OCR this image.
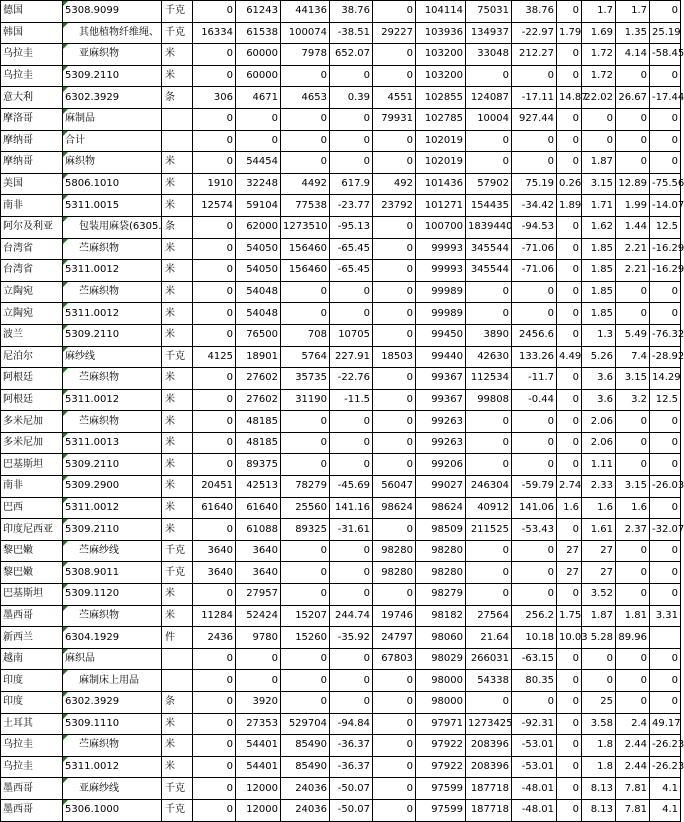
德国	5308.9099	千克	0	61243	44136	38.76	0	104114	75031	38.76	0	1.7	1.7	0
韩国	其他植物纤维绳、	千克	16334	61538	100074	-38.51	29227	103936	134937	-22.97	1.79	1.69	1.35	25.19
乌拉圭	亚麻织物	米	0	60000	7978	652.07	0	103200	33048	212.27	0	1.72	4.14	-58.45
乌拉圭	5309.2110	米	0	60000	0	0	0	103200	0	0	0	1.72	0	0
意大利	6302.3929	条	306	4671	4653	0.39	4551	102855	124087	-17.11	14.87	22.02	26.67	-17.44
摩洛哥	麻制品		0	0	0	0	79931	102785	10004	927.44	0	0	0	0
摩纳哥	合计		0	0	0	0	0	102019	0	0	0	0	0	0
摩纳哥	麻织物	米	0	54454	0	0	0	102019	0	0	0	1.87	0	0
美国	5806.1010	米	1910	32248	4492	617.9	492	101436	57902	75.19	0.26	3.15	12.89	-75.56
南非	5311.0015	米	12574	59104	77538	-23.77	23792	101271	154435	-34.42	1.89	1.71	1.99	-14.07
阿尔及利亚	包装用麻袋(6305.	条	0	62000	1273510	-95.13	0	100700	1839440	-94.53	0	1.62	1.44	12.5
台湾省	苎麻织物	米	0	54050	156460	-65.45	0	99993	345544	-71.06	0	1.85	2.21	-16.29
台湾省	5311.0012	米	0	54050	156460	-65.45	0	99993	345544	-71.06	0	1.85	2.21	-16.29
立陶宛	苎麻织物	米	0	54048	0	0	0	99989	0	0	0	1.85	0	0
立陶宛	5311.0012	米	0	54048	0	0	0	99989	0	0	0	1.85	0	0
波兰	5309.2110	米	0	76500	708	10705	0	99450	3890	2456.6	0	1.3	5.49	-76.32
尼泊尔	麻纱线	千克	4125	18901	5764	227.91	18503	99440	42630	133.26	4.49	5.26	7.4	-28.92
阿根廷	苎麻织物	米	0	27602	35735	-22.76	0	99367	112534	-11.7	0	3.6	3.15	14.29
阿根廷	5311.0012	米	0	27602	31190	-11.5	0	99367	99808	-0.44	0	3.6	3.2	12.5
多米尼加	苎麻织物	米	0	48185	0	0	0	99263	0	0	0	2.06	0	0
多米尼加	5311.0013	米	0	48185	0	0	0	99263	0	0	0	2.06	0	0
巴基斯坦	5309.2110	米	0	89375	0	0	0	99206	0	0	0	1.11	0	0
南非	5309.2900	米	20451	42513	78279	-45.69	56047	99027	246304	-59.79	2.74	2.33	3.15	-26.03
巴西	5311.0012	米	61640	61640	25560	141.16	98624	98624	40912	141.06	1.6	1.6	1.6	0
印度尼西亚	5309.2110	米	0	61088	89325	-31.61	0	98509	211525	-53.43	0	1.61	2.37	-32.07
黎巴嫩	苎麻纱线	千克	3640	3640	0	0	98280	98280	0	0	27	27	0	0
黎巴嫩	5308.9011	千克	3640	3640	0	0	98280	98280	0	0	27	27	0	0
巴基斯坦	5309.1120	米	0	27957	0	0	0	98279	0	0	0	3.52	0	0
墨西哥	苎麻织物	米	11284	52424	15207	244.74	19746	98182	27564	256.2	1.75	1.87	1.81	3.31
新西兰	6304.1929	件	2436	9780	15260	-35.92	24797	98060	21.64	10.18	10.03	5.28	89.96	
越南	麻织品		0	0	0	0	67803	98029	266031	-63.15	0	0	0	0
印度	麻制床上用品		0	0	0	0	0	98000	54338	80.35	0	0	0	0
印度	6302.3929	条	0	3920	0	0	0	98000	0	0	0	25	0	0
土耳其	5309.1110	米	0	27353	529704	-94.84	0	97971	1273425	-92.31	0	3.58	2.4	49.17
乌拉圭	苎麻织物	米	0	54401	85490	-36.37	0	97922	208396	-53.01	0	1.8	2.44	-26.23
乌拉圭	5311.0012	米	0	54401	85490	-36.37	0	97922	208396	-53.01	0	1.8	2.44	-26.23
墨西哥	亚麻纱线	千克	0	12000	24036	-50.07	0	97599	187718	-48.01	0	8.13	7.81	4.1
墨西哥	5306.1000	千克	0	12000	24036	-50.07	0	97599	187718	-48.01	0	8.13	7.81	4.1
